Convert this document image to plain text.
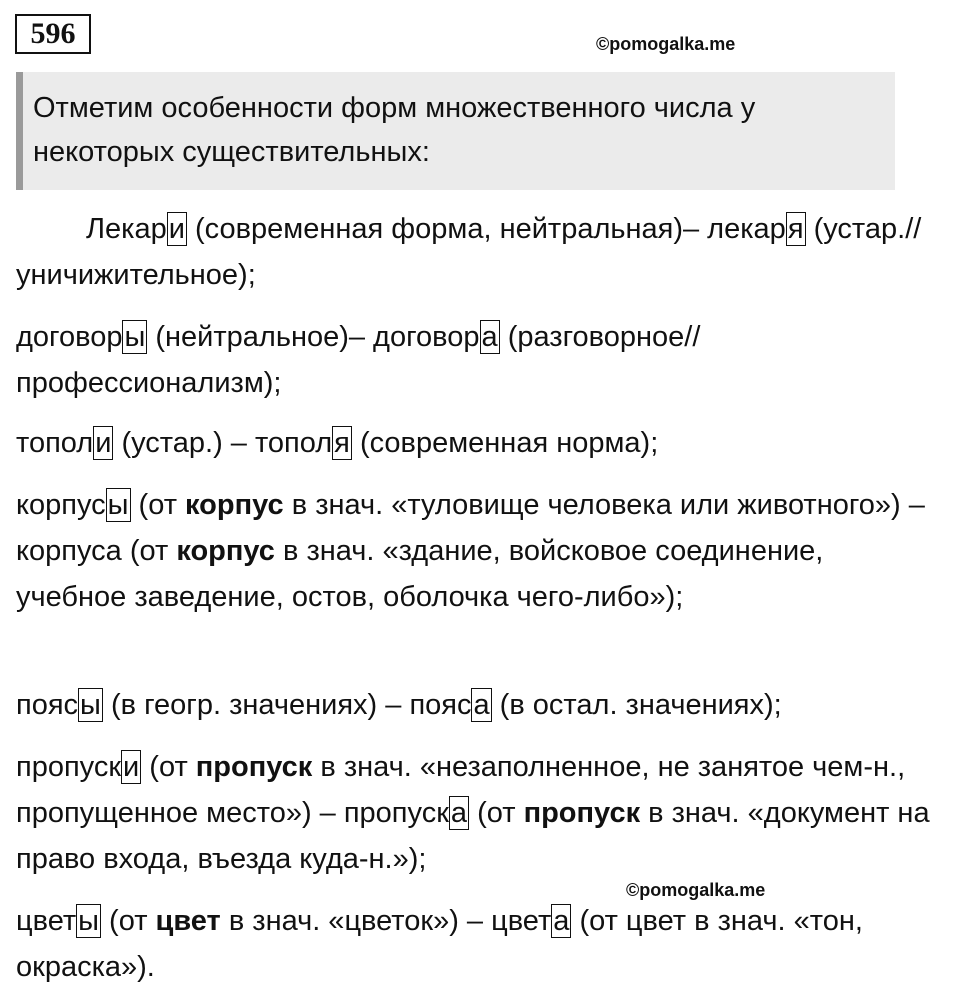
596	©pomogalka.me
Отметим особенности форм множественного числа у некоторых существительных:
Лекари (современная форма, нейтральная)– лекаря (устар.// уничижительное);
договоры (нейтральное)– договора (разговорное// профессионализм);
тополи (устар.) – тополя (современная норма);
корпусы (от корпус в знач. «туловище человека или животного») – корпуса (от корпус в знач. «здание, войсковое соединение, учебное заведение, остов, оболочка чего-либо»);
поясы (в геогр. значениях) – пояса (в остал. значениях);
пропуски (от пропуск в знач. «незаполненное, не занятое чем-н., пропущенное место») – пропуска (от пропуск в знач. «документ на право входа, въезда куда-н.»);
©pomogalka.me
цветы (от цвет в знач. «цветок») – цвета (от цвет в знач. «тон, окраска»).
